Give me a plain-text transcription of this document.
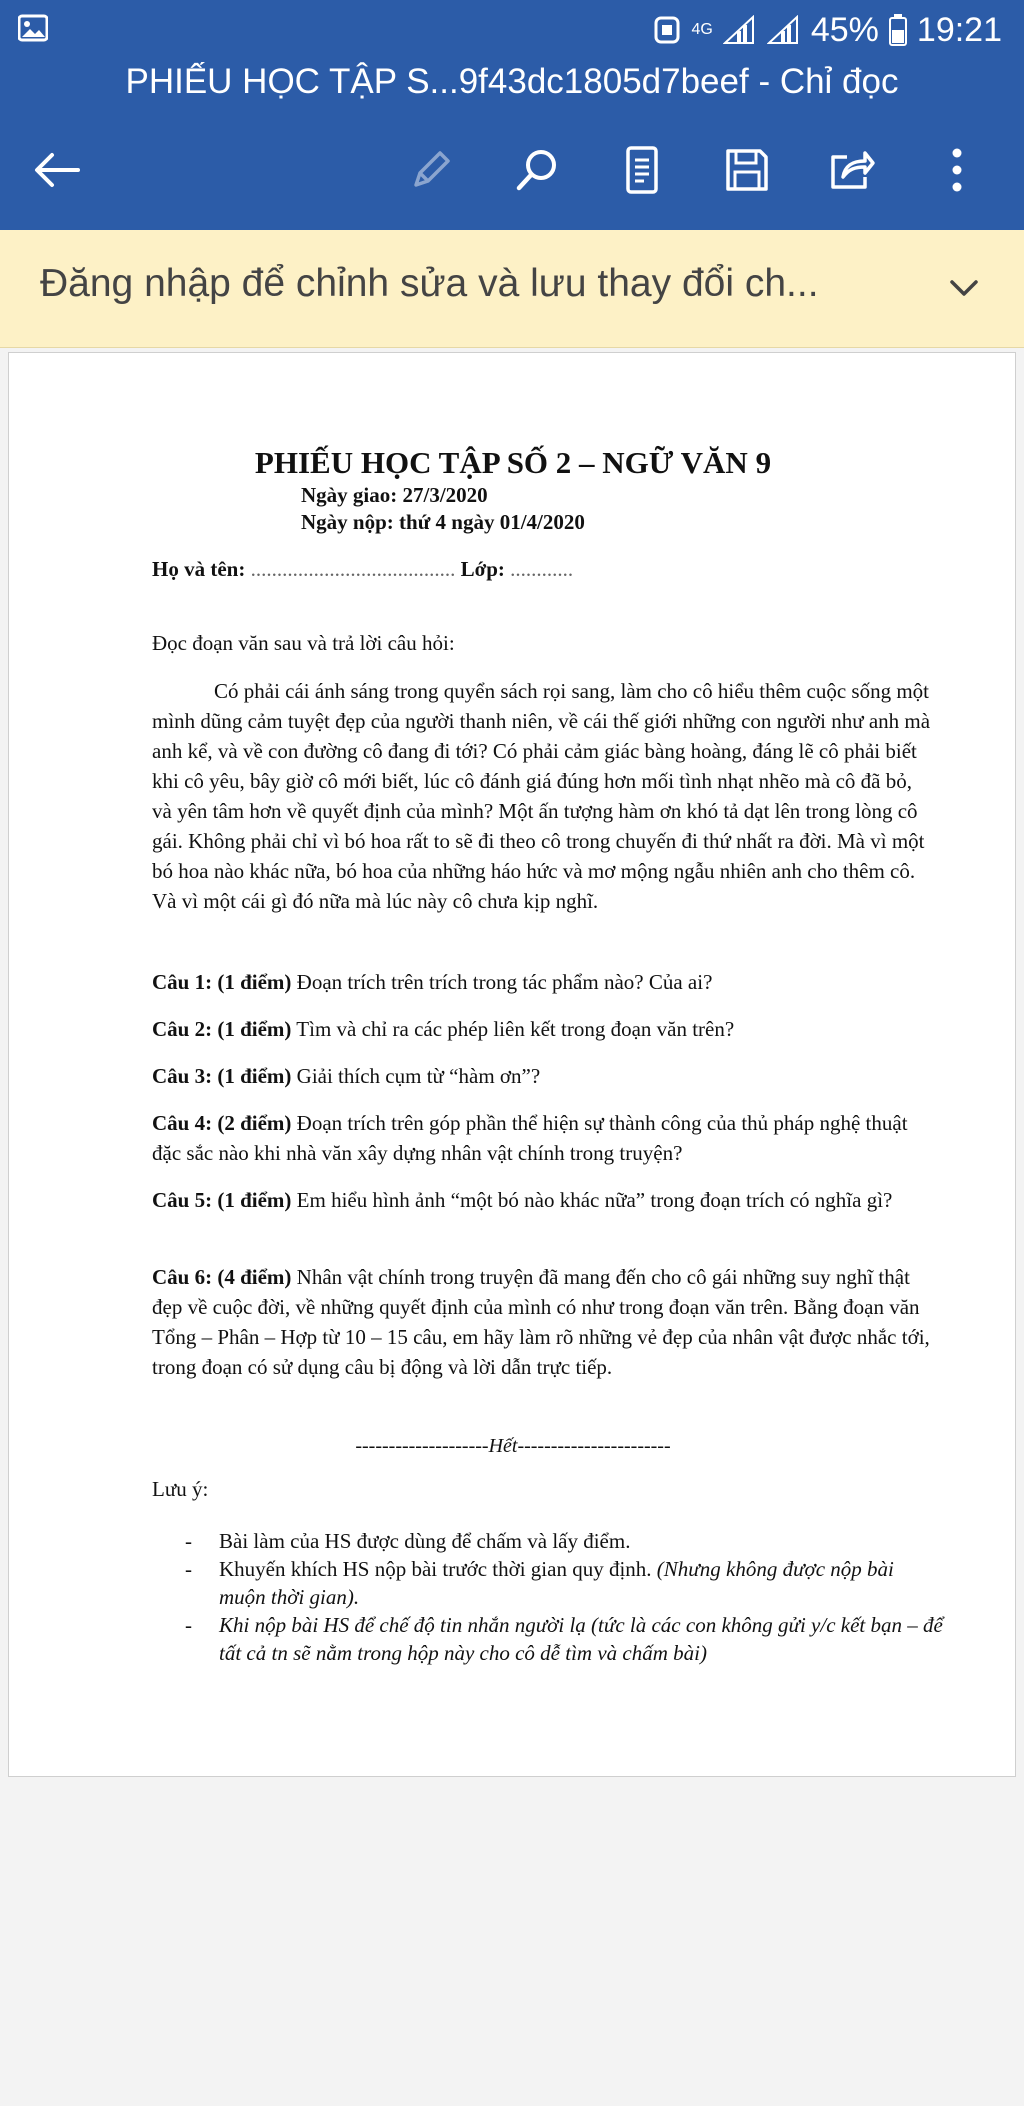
4G	45% 19:21
PHIẾU HỌC TẬP S...9f43dc1805d7beef - Chỉ đọc
Đăng nhập để chỉnh sửa và lưu thay đổi ch...
PHIẾU HỌC TẬP SỐ 2 – NGỮ VĂN 9
Ngày giao: 27/3/2020
Ngày nộp: thứ 4 ngày 01/4/2020
Họ và tên: ....................................... Lớp: ............
Đọc đoạn văn sau và trả lời câu hỏi:
Có phải cái ánh sáng trong quyển sách rọi sang, làm cho cô hiểu thêm cuộc sống một mình dũng cảm tuyệt đẹp của người thanh niên, về cái thế giới những con người như anh mà anh kể, và về con đường cô đang đi tới? Có phải cảm giác bàng hoàng, đáng lẽ cô phải biết khi cô yêu, bây giờ cô mới biết, lúc cô đánh giá đúng hơn mối tình nhạt nhẽo mà cô đã bỏ, và yên tâm hơn về quyết định của mình? Một ấn tượng hàm ơn khó tả dạt lên trong lòng cô gái. Không phải chỉ vì bó hoa rất to sẽ đi theo cô trong chuyến đi thứ nhất ra đời. Mà vì một bó hoa nào khác nữa, bó hoa của những háo hức và mơ mộng ngẫu nhiên anh cho thêm cô. Và vì một cái gì đó nữa mà lúc này cô chưa kịp nghĩ.
Câu 1: (1 điểm) Đoạn trích trên trích trong tác phẩm nào? Của ai?
Câu 2: (1 điểm) Tìm và chỉ ra các phép liên kết trong đoạn văn trên?
Câu 3: (1 điểm) Giải thích cụm từ “hàm ơn”?
Câu 4: (2 điểm) Đoạn trích trên góp phần thể hiện sự thành công của thủ pháp nghệ thuật đặc sắc nào khi nhà văn xây dựng nhân vật chính trong truyện?
Câu 5: (1 điểm) Em hiểu hình ảnh “một bó nào khác nữa” trong đoạn trích có nghĩa gì?
Câu 6: (4 điểm) Nhân vật chính trong truyện đã mang đến cho cô gái những suy nghĩ thật đẹp về cuộc đời, về những quyết định của mình có như trong đoạn văn trên. Bằng đoạn văn Tổng – Phân – Hợp từ 10 – 15 câu, em hãy làm rõ những vẻ đẹp của nhân vật được nhắc tới, trong đoạn có sử dụng câu bị động và lời dẫn trực tiếp.
--------------------Hết-----------------------
Lưu ý:
- Bài làm của HS được dùng để chấm và lấy điểm.
- Khuyến khích HS nộp bài trước thời gian quy định. (Nhưng không được nộp bài muộn thời gian).
- Khi nộp bài HS để chế độ tin nhắn người lạ (tức là các con không gửi y/c kết bạn – để tất cả tn sẽ nằm trong hộp này cho cô dễ tìm và chấm bài)
